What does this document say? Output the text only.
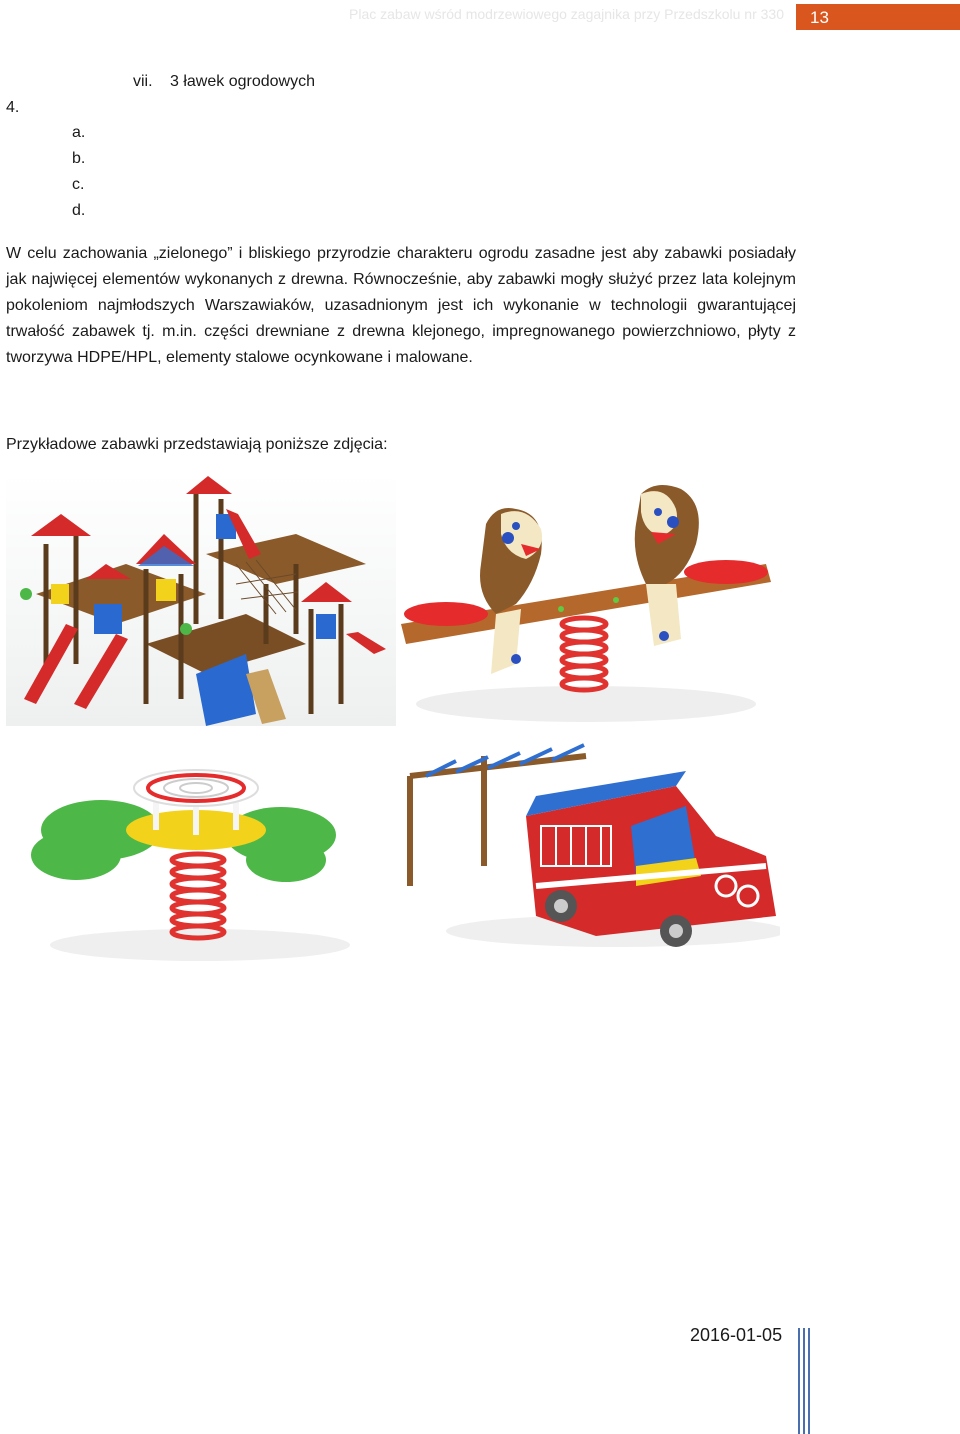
Plac zabaw wśród modrzewiowego zagajnika przy Przedszkolu nr 330	13
vii. 3 ławek ogrodowych
4.
a.
b.
c.
d.
W celu zachowania „zielonego” i bliskiego przyrodzie charakteru ogrodu zasadne jest aby zabawki posiadały jak najwięcej elementów wykonanych z drewna. Równocześnie, aby zabawki mogły służyć przez lata kolejnym pokoleniom najmłodszych Warszawiaków, uzasadnionym jest ich wykonanie w technologii gwarantującej trwałość zabawek tj. m.in. części drewniane z drewna klejonego, impregnowanego powierzchniowo, płyty z tworzywa HDPE/HPL, elementy stalowe ocynkowane i malowane.
Przykładowe zabawki przedstawiają poniższe zdjęcia:
2016-01-05
